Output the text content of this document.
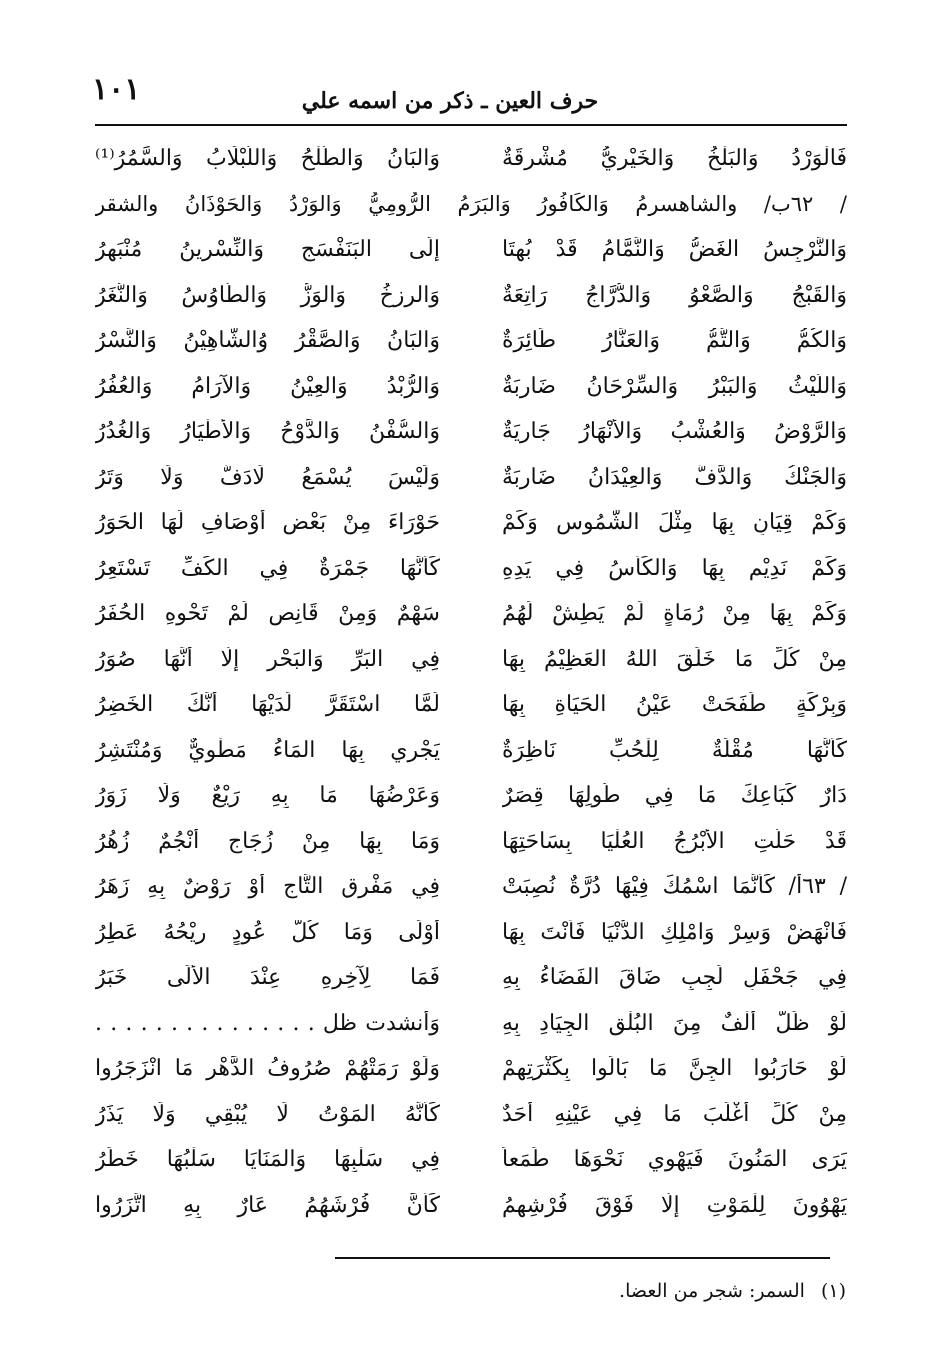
١٠١	حرف العين ـ ذكر من اسمه علي
فَالْوَرْدُ وَالبَلْخُ وَالخَيْرِيُّ مُشْرِقَةٌ
وَالبَانُ وَالطَّلْحُ وَاللَّبْلَابُ وَالسَّمُرُ⁽¹⁾
/ ٦٢ب/ والشاهسرمُ وَالكَافُورُ وَالبَرَمُ الرُّومِيُّ وَالوَرْدُ وَالحَوْذَانُ والشقر
وَالنَّرْجِسُ الغَضُّ وَالنَّمَّامُ قَدْ بُهِتَا
إِلَى البَنَفْسَجِ وَالنِّسْرِينُ مُنْبَهِرُ
وَالقَبْجُ وَالصَّعْوُ وَالدُّرَّاجُ رَاتِعَةٌ
وَالرزخُ وَالوَزُّ وَالطَّاوُسُ وَالنُّغَرُ
وَالكُمُّ وَالتُّمُّ وَالعَنَّارُ طَائِرَةٌ
وَالبَانُ وَالصَّقْرُ وُالشَّاهِيْنُ وَالنَّسْرُ
وَاللَّيْثُ وَالبَبْرُ وَالسِّرْحَانُ ضَارِبَةٌ
وَالرُّبْدُ وَالعِيْنُ وَالآرَامُ وَالعُفُرُ
وَالرَّوْضُ وَالعُشْبُ وَالأَنْهَارُ جَارِيَةٌ
وَالسُّفْنُ وَالدَّوْحُ وَالأَطْيَارُ وَالغُدُرُ
وَالجَنْكُ وَالدَّفُّ وَالعِيْدَانُ ضَارِبَةٌ
وَلَيْسَ يُسْمَعُ لَادَفٌّ وَلَا وَتَرُ
وَكَمْ قِيَانٍ بِهَا مِثْلَ الشُّمُوسِ وَكَمْ
حَوْرَاءَ مِنْ بَعْضِ أَوْصَافِ لَهَا الحَوَرُ
وَكَمْ نَدِيْمٍ بِهَا وَالكَأْسُ فِي يَدِهِ
كَأَنَّهَا جَمْرَةٌ فِي الكَفِّ تَسْتَعِرُ
وَكَمْ بِهَا مِنْ رُمَاةٍ لَمْ يَطِشْ لَهُمُ
سَهْمٌ وَمِنْ قَانِصٍ لَمْ تَحْوِهِ الحُفَرُ
مِنْ كُلِّ مَا خَلَقَ اللهُ العَظِيْمُ بِهَا
فِي البَرِّ وَالبَحْرِ إِلَّا أَنَّهَا صُوَرُ
وَبِرْكَةٍ طَفَحَتْ عَيْنُ الحَيَاةِ بِهَا
لَمَّا اسْتَقَرَّ لَدَيْهَا أَنَّكَ الخَضِرُ
كَأَنَّهَا مُقْلَةٌ لِلْحُبِّ نَاظِرَةٌ
يَجْرِي بِهَا المَاءُ مَطْوِيٌّ وَمُنْتَشِرُ
دَارٌ كَبَاعِكَ مَا فِي طُولِهَا قِصَرٌ
وَعَرْضُهَا مَا بِهِ رَيْعٌ وَلَا زَوَرُ
قَدْ حَلَّتِ الأَبْرُجُ العُلْيَا بِسَاحَتِهَا
وَمَا بِهَا مِنْ زُجَاجٍ أَنْجُمٌ زُهُرُ
/ ٦٣أ/ كَأَنَّمَا اسْمُكَ فِيْهَا دُرَّةٌ نُصِبَتْ
فِي مَفْرِقِ التَّاجِ أَوْ رَوْضٌ بِهِ زَهَرُ
فَانْهَضْ وَسِرْ وَامْلِكِ الدُّنْيَا فَأَنْتَ بِهَا
أَوْلَى وَمَا كُلُّ عُودٍ رِيْحُهُ عَطِرُ
فِي جَحْفَلٍ لَجِبٍ ضَاقَ الفَضَاءُ بِهِ
فَمَا لِآخِرِهِ عِنْدَ الأُلَى خَبَرُ
لَوْ ظَلَّ أَلْفٌ مِنَ البُلْقِ الجِيَادِ بِهِ
وَأنشدت ظل . . . . . . . . . . . . . . .
لَوْ حَارَبُوا الجِنَّ مَا بَالَوا بِكَثْرَتِهِمْ
وَلَوْ رَمَتْهُمْ صُرُوفُ الدَّهْرِ مَا انْزَجَرُوا
مِنْ كُلِّ أَغْلَبَ مَا فِي عَيْنِهِ أَحَدٌ
كَأَنَّهُ المَوْتُ لَا يُبْقِي وَلَا يَذَرُ
يَرَى المَنُونَ فَيَهْوِي نَحْوَهَا طَمَعاً
فِي سَلْبِهَا وَالمَنَايَا سَلْبُهَا خَطَرُ
يَهْوُونَ لِلْمَوْتِ إِلَّا فَوْقَ فُرْشِهِمُ
كَأَنَّ فُرْشَهُمُ عَارٌ بِهِ اتَّزَرُوا
(١) السمر: شجر من العضا.
